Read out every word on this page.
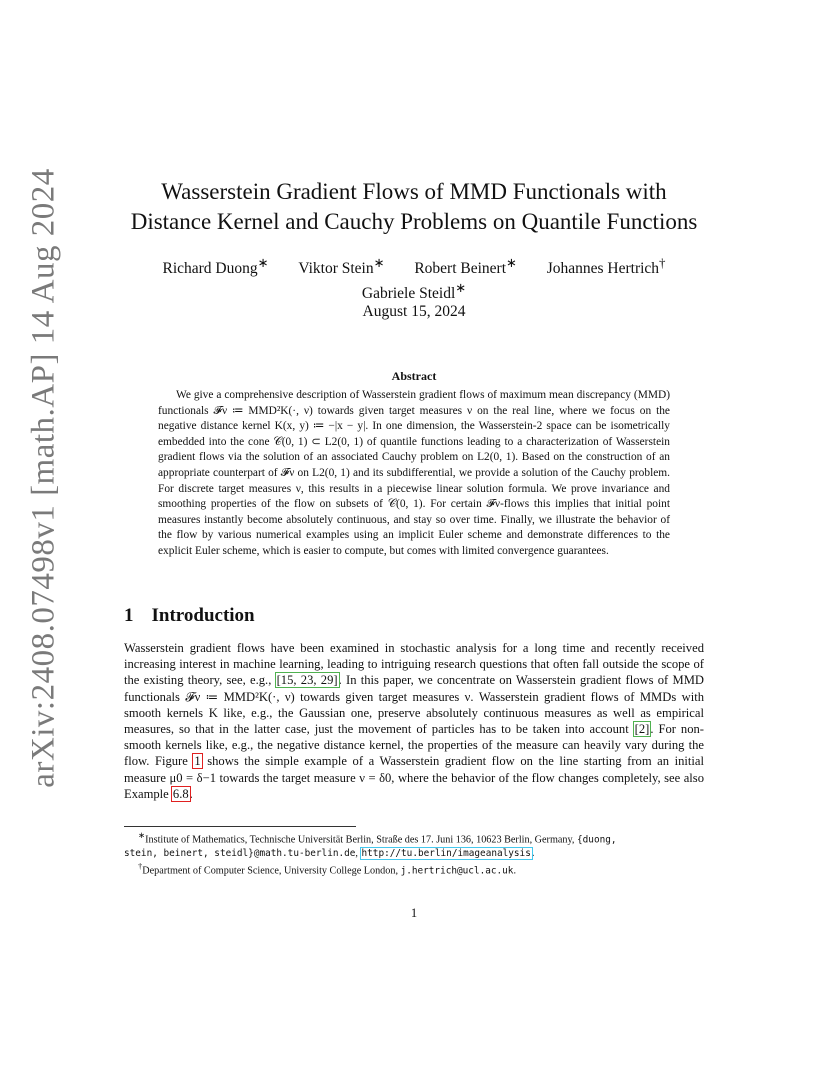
arXiv:2408.07498v1 [math.AP] 14 Aug 2024	Wasserstein Gradient Flows of MMD Functionals with
Distance Kernel and Cauchy Problems on Quantile Functions
Richard Duong∗ Viktor Stein∗ Robert Beinert∗ Johannes Hertrich†
Gabriele Steidl∗
August 15, 2024
Abstract
We give a comprehensive description of Wasserstein gradient flows of maximum mean discrepancy (MMD) functionals 𝓕ν ≔ MMD²K(·, ν) towards given target measures ν on the real line, where we focus on the negative distance kernel K(x, y) ≔ −|x − y|. In one dimension, the Wasserstein-2 space can be isometrically embedded into the cone 𝒞(0, 1) ⊂ L2(0, 1) of quantile functions leading to a characterization of Wasserstein gradient flows via the solution of an associated Cauchy problem on L2(0, 1). Based on the construction of an appropriate counterpart of 𝓕ν on L2(0, 1) and its subdifferential, we provide a solution of the Cauchy problem. For discrete target measures ν, this results in a piecewise linear solution formula. We prove invariance and smoothing properties of the flow on subsets of 𝒞(0, 1). For certain 𝓕ν-flows this implies that initial point measures instantly become absolutely continuous, and stay so over time. Finally, we illustrate the behavior of the flow by various numerical examples using an implicit Euler scheme and demonstrate differences to the explicit Euler scheme, which is easier to compute, but comes with limited convergence guarantees.
1 Introduction
Wasserstein gradient flows have been examined in stochastic analysis for a long time and recently received increasing interest in machine learning, leading to intriguing research questions that often fall outside the scope of the existing theory, see, e.g., [15, 23, 29]. In this paper, we concentrate on Wasserstein gradient flows of MMD functionals 𝓕ν ≔ MMD²K(·, ν) towards given target measures ν. Wasserstein gradient flows of MMDs with smooth kernels K like, e.g., the Gaussian one, preserve absolutely continuous measures as well as empirical measures, so that in the latter case, just the movement of particles has to be taken into account [2]. For non-smooth kernels like, e.g., the negative distance kernel, the properties of the measure can heavily vary during the flow. Figure 1 shows the simple example of a Wasserstein gradient flow on the line starting from an initial measure μ0 = δ−1 towards the target measure ν = δ0, where the behavior of the flow changes completely, see also Example 6.8.
∗Institute of Mathematics, Technische Universität Berlin, Straße des 17. Juni 136, 10623 Berlin, Germany, {duong,
stein, beinert, steidl}@math.tu-berlin.de, http://tu.berlin/imageanalysis.
†Department of Computer Science, University College London, j.hertrich@ucl.ac.uk.
1
